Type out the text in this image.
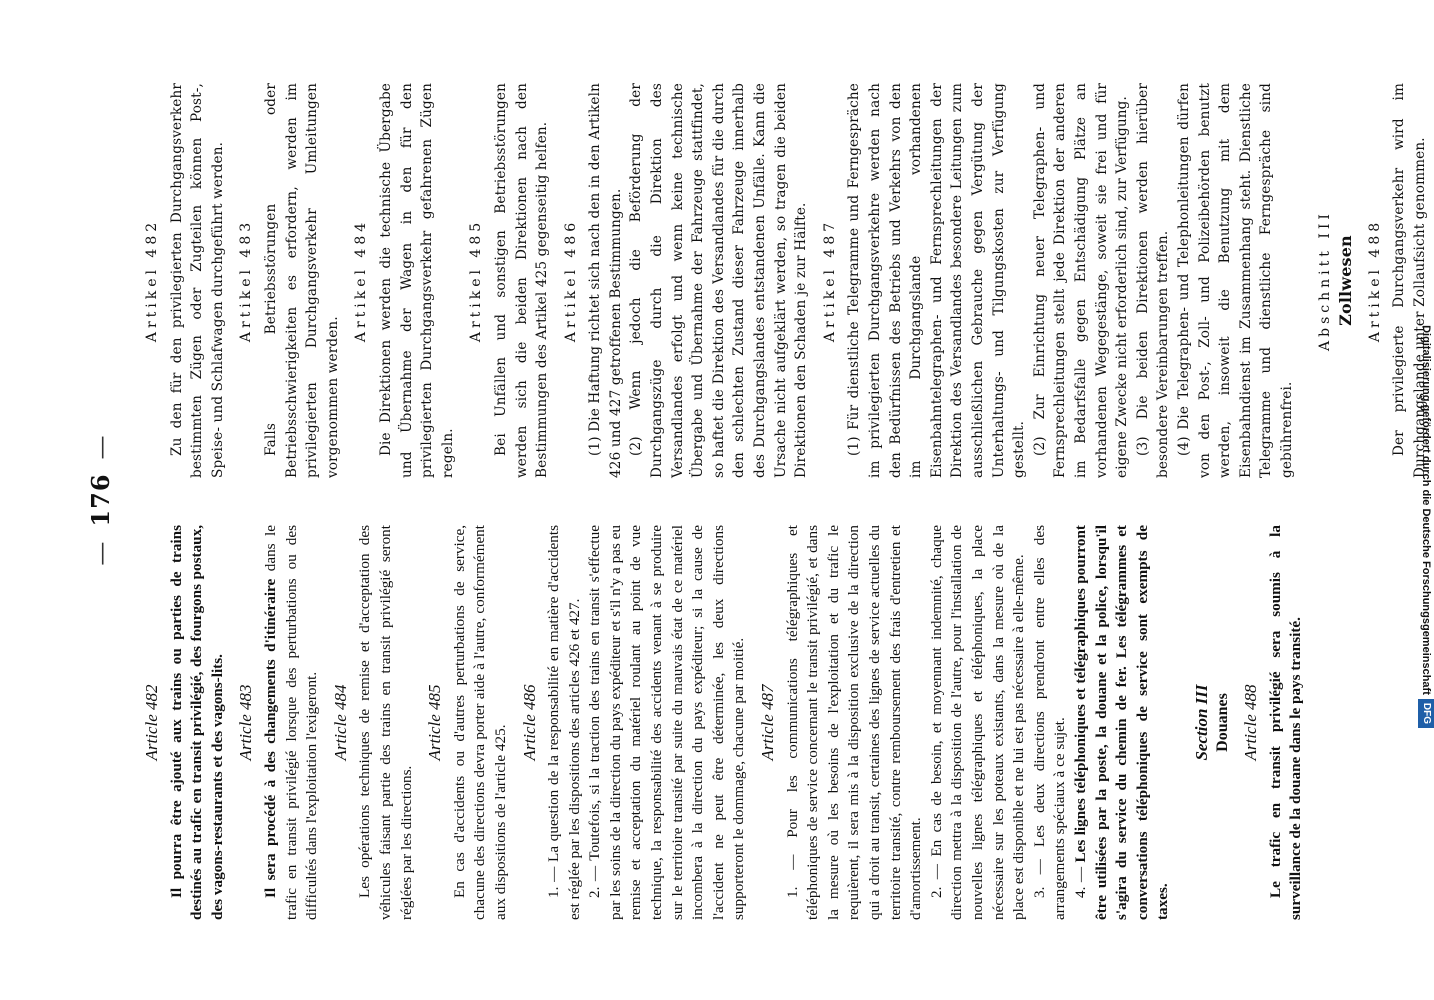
—176—
Article 482 Il pourra être ajouté aux trains ou parties de trains destinés au trafic en transit privilégié, des fourgons postaux, des vagons-restaurants et des vagons-lits. Article 483 Il sera procédé à des changements d'itinéraire dans le trafic en transit privilégié lorsque des perturbations ou des difficultés dans l'exploitation l'exigeront. Article 484 Les opérations techniques de remise et d'acceptation des véhicules faisant partie des trains en transit privilégié seront réglées par les directions.

Article 485 En cas d'accidents ou d'autres perturbations de service, chacune des directions devra porter aide à l'autre, conformément aux dispositions de l'article 425.

Article 486 1. — La question de la responsabilité en matière d'accidents est réglée par les dispositions des articles 426 et 427. 2. — Toutefois, si la traction des trains en transit s'effectue par les soins de la direction du pays expéditeur et s'il n'y a pas eu remise et acceptation du matériel roulant au point de vue technique, la responsabilité des accidents venant à se produire sur le territoire transité par suite du mauvais état de ce matériel incombera à la direction du pays expéditeur; si la cause de l'accident ne peut être déterminée, les deux directions supporteront le dommage, chacune par moitié. Article 487 1. — Pour les communications télégraphiques et téléphoniques de service concernant le transit privilégié, et dans la mesure où les besoins de l'exploitation et du trafic le requièrent, il sera mis à la disposition exclusive de la direction qui a droit au transit, certaines des lignes de service actuelles du territoire transité, contre remboursement des frais d'entretien et d'amortissement. 2. — En cas de besoin, et moyennant indemnité, chaque direction mettra à la disposition de l'autre, pour l'installation de nouvelles lignes télégraphiques et téléphoniques, la place nécessaire sur les poteaux existants, dans la mesure où de la place est disponible et ne lui est pas nécessaire à elle-même. 3. — Les deux directions prendront entre elles des arrangements spéciaux à ce sujet. 4. — Les lignes téléphoniques et télégraphiques pourront être utilisées par la poste, la douane et la police, lorsqu'il s'agira du service du chemin de fer. Les télégrammes et conversations téléphoniques de service sont exempts de taxes.

Section III Douanes Article 488 Le trafic en transit privilégié sera soumis à la surveillance de la douane dans le pays transité.

Artikel 482 Zu den für den privilegierten Durchgangsverkehr bestimmten Zügen oder Zugteilen können Post-, Speise- und Schlafwagen durchgeführt werden. Artikel 483 Falls Betriebsstörungen oder Betriebsschwierigkeiten es erfordern, werden im privilegierten Durchgangsverkehr Umleitungen vorgenommen werden.

Artikel 484 Die Direktionen werden die technische Übergabe und Übernahme der Wagen in den für den privilegierten Durchgangsverkehr gefahrenen Zügen regeln.

Artikel 485 Bei Unfällen und sonstigen Betriebsstörungen werden sich die beiden Direktionen nach den Bestimmungen des Artikel 425 gegenseitig helfen. Artikel 486 (1) Die Haftung richtet sich nach den in den Artikeln 426 und 427 getroffenen Bestimmungen. (2) Wenn jedoch die Beförderung der Durchgangszüge durch die Direktion des Versandlandes erfolgt und wenn keine technische Übergabe und Übernahme der Fahrzeuge stattfindet, so haftet die Direktion des Versandlandes für die durch den schlechten Zustand dieser Fahrzeuge innerhalb des Durchgangslandes entstandenen Unfälle. Kann die Ursache nicht aufgeklärt werden, so tragen die beiden Direktionen den Schaden je zur Hälfte. Artikel 487 (1) Für dienstliche Telegramme und Ferngespräche im privilegierten Durchgangsverkehre werden nach den Bedürfnissen des Betriebs und Verkehrs von den im Durchgangslande vorhandenen Eisenbahntelegraphen- und Fernsprechleitungen der Direktion des Versandlandes besondere Leitungen zum ausschließlichen Gebrauche gegen Vergütung der Unterhaltungs- und Tilgungskosten zur Verfügung gestellt. (2) Zur Einrichtung neuer Telegraphen- und Fernsprechleitungen stellt jede Direktion der anderen im Bedarfsfalle gegen Entschädigung Plätze an vorhandenen Wegegestänge, soweit sie frei und für eigene Zwecke nicht erforderlich sind, zur Verfügung. (3) Die beiden Direktionen werden hierüber besondere Vereinbarungen treffen. (4) Die Telegraphen- und Telephonleitungen dürfen von den Post-, Zoll- und Polizeibehörden benutzt werden, insoweit die Benutzung mit dem Eisenbahndienst im Zusammenhang steht. Dienstliche Telegramme und dienstliche Ferngespräche sind gebührenfrei.

Abschnitt III Zollwesen Artikel 488 Der privilegierte Durchgangsverkehr wird im Durchgangslande unter Zollaufsicht genommen.

Digitalisierung gefördert durch die Deutsche Forschungsgemeinschaft
DFG
